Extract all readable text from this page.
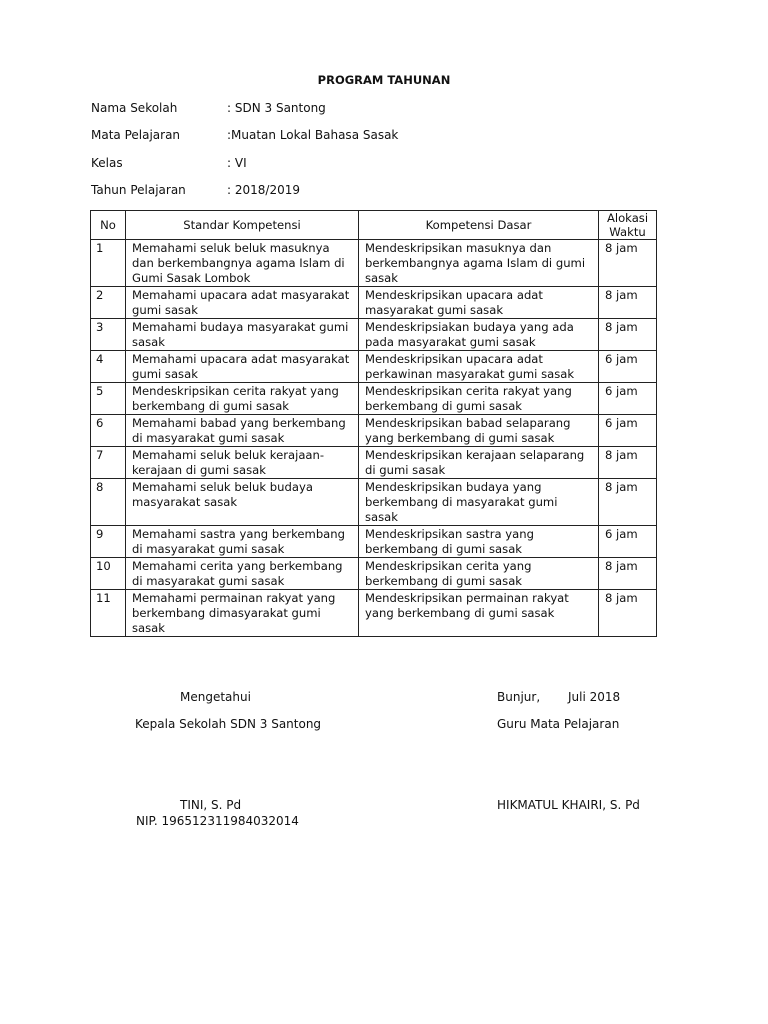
PROGRAM TAHUNAN
Nama Sekolah	: SDN 3 Santong
Mata Pelajaran	:Muatan Lokal Bahasa Sasak
Kelas	: VI
Tahun Pelajaran	: 2018/2019
No	Standar Kompetensi	Kompetensi Dasar	Alokasi Waktu
1	Memahami seluk beluk masuknya dan berkembangnya agama Islam di Gumi Sasak Lombok	Mendeskripsikan masuknya dan berkembangnya agama Islam di gumi sasak	8 jam
2	Memahami upacara adat masyarakat gumi sasak	Mendeskripsikan upacara adat masyarakat gumi sasak	8 jam
3	Memahami budaya masyarakat gumi sasak	Mendeskripsiakan budaya yang ada pada masyarakat gumi sasak	8 jam
4	Memahami upacara adat masyarakat gumi sasak	Mendeskripsikan upacara adat perkawinan masyarakat gumi sasak	6 jam
5	Mendeskripsikan cerita rakyat yang berkembang di gumi sasak	Mendeskripsikan cerita rakyat yang berkembang di gumi sasak	6 jam
6	Memahami babad yang berkembang di masyarakat gumi sasak	Mendeskripsikan babad selaparang yang berkembang di gumi sasak	6 jam
7	Memahami seluk beluk kerajaan-kerajaan di gumi sasak	Mendeskripsikan kerajaan selaparang di gumi sasak	8 jam
8	Memahami seluk beluk budaya masyarakat sasak	Mendeskripsikan budaya yang berkembang di masyarakat gumi sasak	8 jam
9	Memahami sastra yang berkembang di masyarakat gumi sasak	Mendeskripsikan sastra yang berkembang di gumi sasak	6 jam
10	Memahami cerita yang berkembang di masyarakat gumi sasak	Mendeskripsikan cerita yang berkembang di gumi sasak	8 jam
11	Memahami permainan rakyat yang berkembang dimasyarakat gumi sasak	Mendeskripsikan permainan rakyat yang berkembang di gumi sasak	8 jam
Mengetahui
Kepala Sekolah SDN 3 Santong
TINI, S. Pd
NIP. 196512311984032014
Bunjur, Juli 2018
Guru Mata Pelajaran
HIKMATUL KHAIRI, S. Pd
